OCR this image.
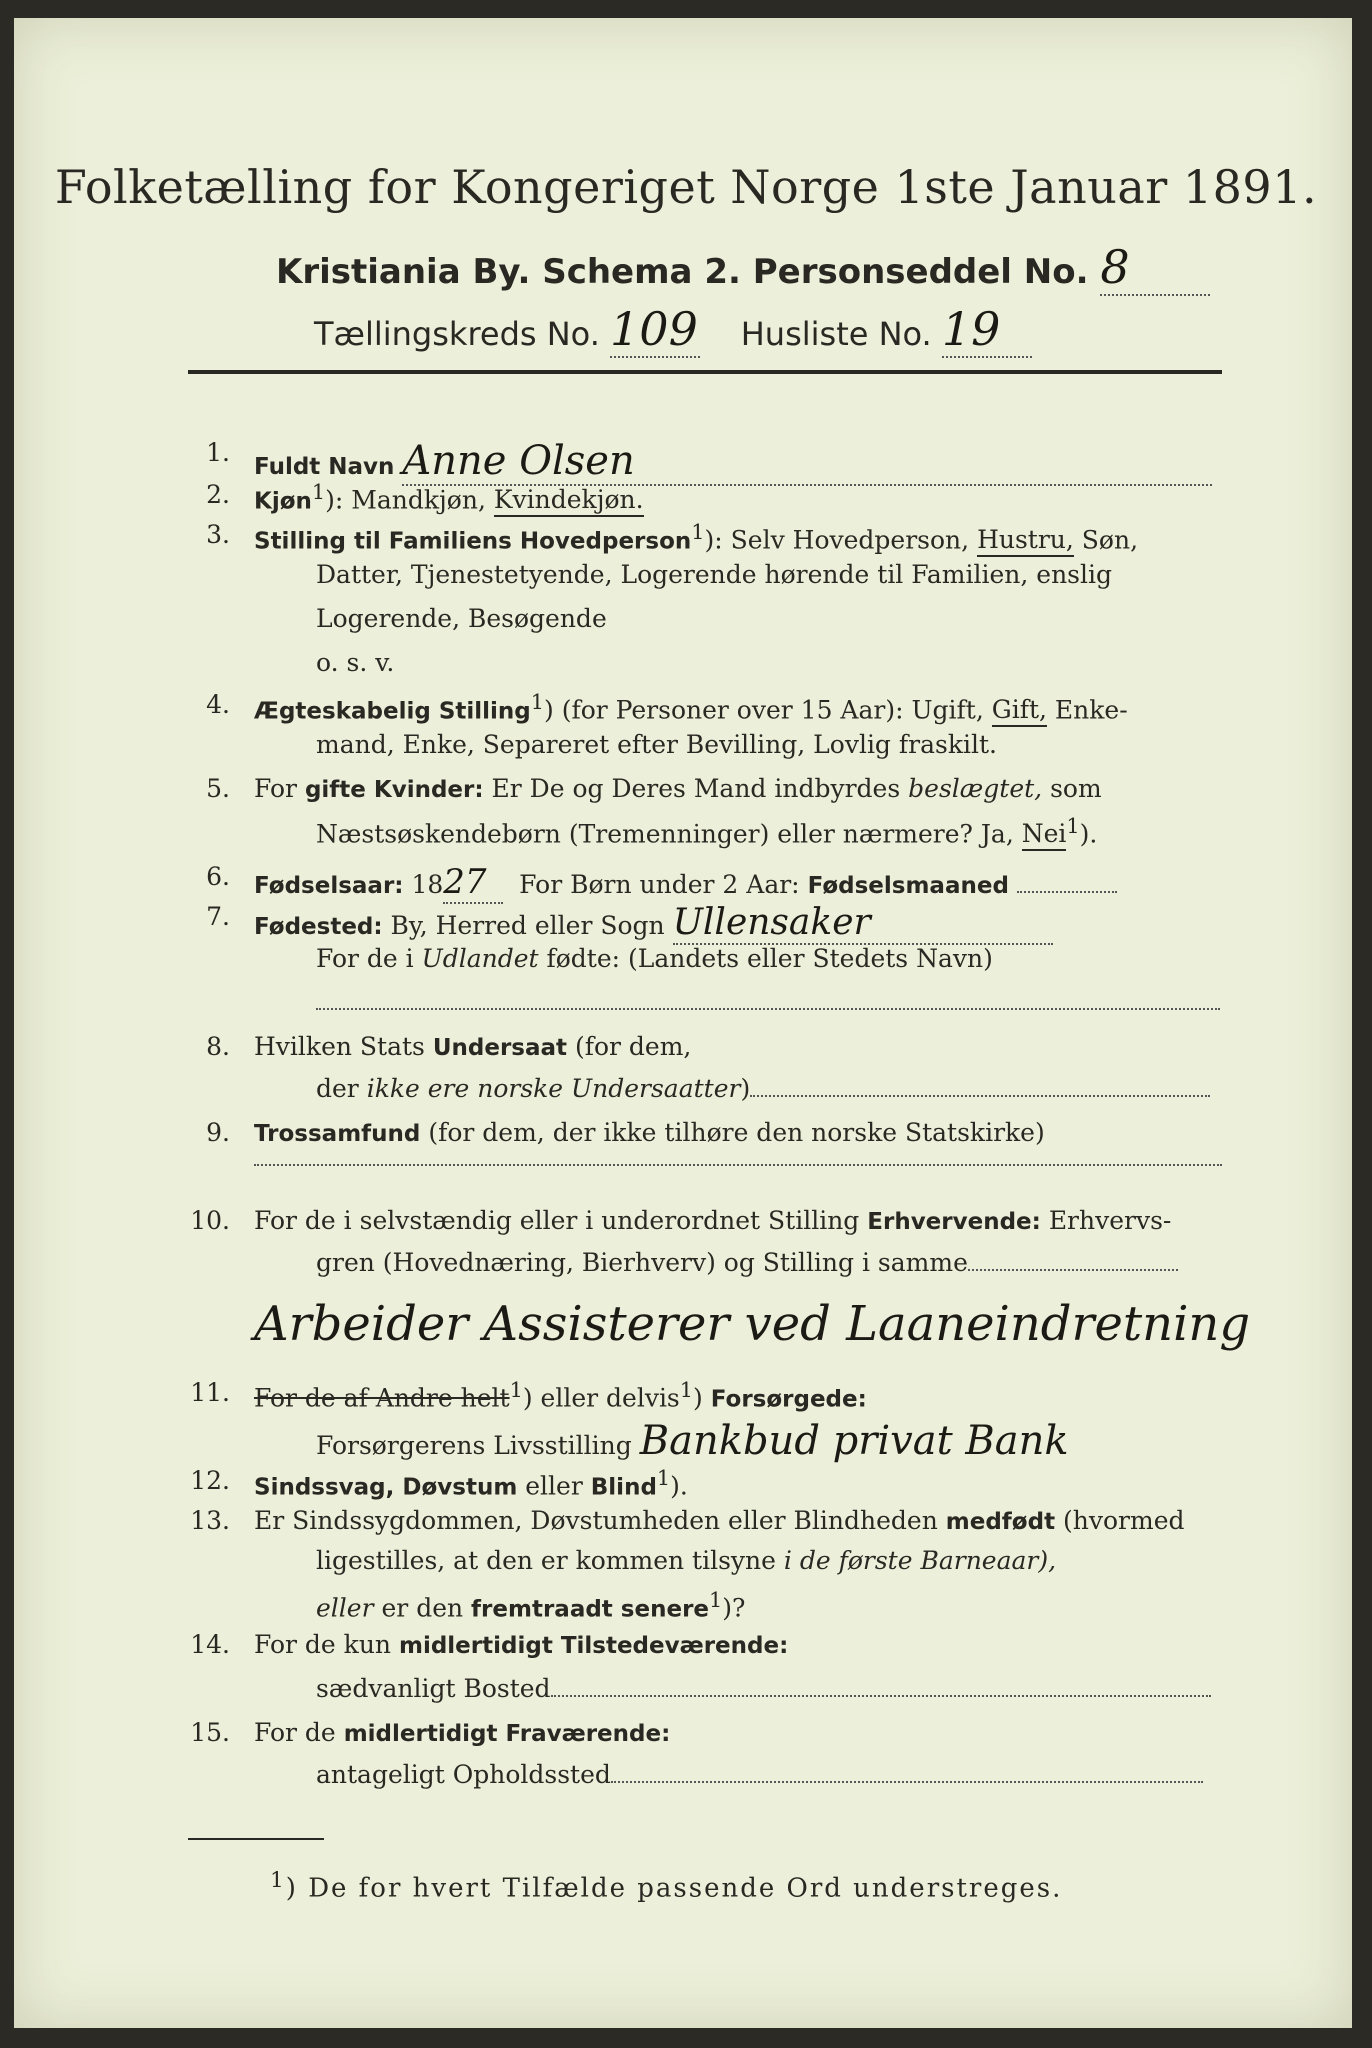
Folketælling for Kongeriget Norge 1ste Januar 1891.
Kristiania By. Schema 2. Personseddel No. 8
Tællingskreds No. 109 Husliste No. 19
1. Fuldt Navn Anne Olsen
2. Kjøn$^1$): Mandkjøn, Kvindekjøn.
3. Stilling til Familiens Hovedperson$^1$): Selv Hovedperson, Hustru, Søn,
Datter, Tjenestetyende, Logerende hørende til Familien, enslig
Logerende, Besøgende
o. s. v.
4. Ægteskabelig Stilling$^1$) (for Personer over 15 Aar): Ugift, Gift, Enke-
mand, Enke, Separeret efter Bevilling, Lovlig fraskilt.
5. For gifte Kvinder: Er De og Deres Mand indbyrdes beslægtet, som
Næstsøskendebørn (Tremenninger) eller nærmere? Ja, Nei$^1$).
6. Fødselsaar: 1827 For Børn under 2 Aar: Fødselsmaaned
7. Fødested: By, Herred eller Sogn Ullensaker
For de i Udlandet fødte: (Landets eller Stedets Navn)
8. Hvilken Stats Undersaat (for dem,
der ikke ere norske Undersaatter)
9. Trossamfund (for dem, der ikke tilhøre den norske Statskirke)
10. For de i selvstændig eller i underordnet Stilling Erhvervende: Erhvervs-
gren (Hovednæring, Bierhverv) og Stilling i samme
Arbeider Assisterer ved Laaneindretning
11. For de af Andre helt$^1$) eller delvis$^1$) Forsørgede:
Forsørgerens Livsstilling Bankbud privat Bank
12. Sindssvag, Døvstum eller Blind$^1$).
13. Er Sindssygdommen, Døvstumheden eller Blindheden medfødt (hvormed
ligestilles, at den er kommen tilsyne i de første Barneaar),
eller er den fremtraadt senere$^1$)?
14. For de kun midlertidigt Tilstedeværende:
sædvanligt Bosted
15. For de midlertidigt Fraværende:
antageligt Opholdssted
$^1$) De for hvert Tilfælde passende Ord understreges.
